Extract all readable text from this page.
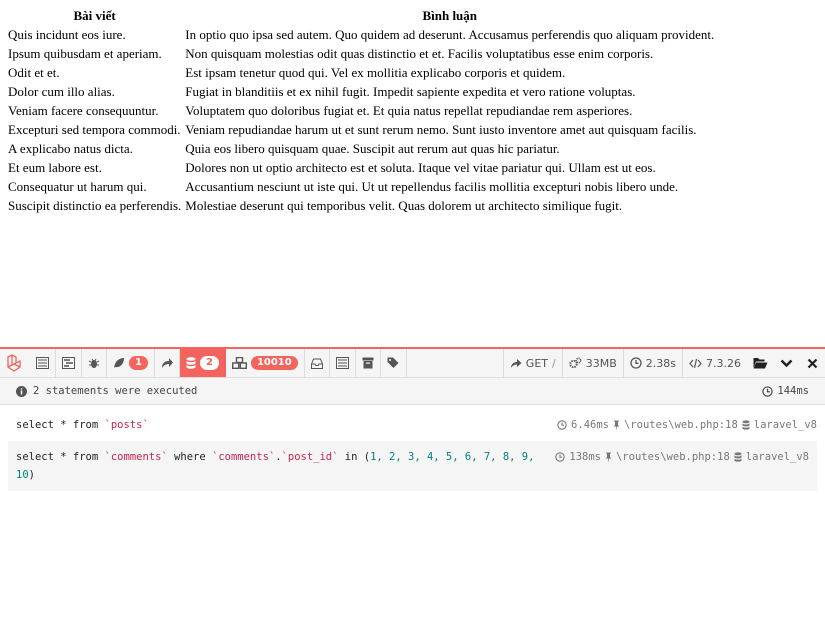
Bài viết	Bình luận
Quis incidunt eos iure.	In optio quo ipsa sed autem. Quo quidem ad deserunt. Accusamus perferendis quo aliquam provident.
Ipsum quibusdam et aperiam.	Non quisquam molestias odit quas distinctio et et. Facilis voluptatibus esse enim corporis.
Odit et et.	Est ipsam tenetur quod qui. Vel ex mollitia explicabo corporis et quidem.
Dolor cum illo alias.	Fugiat in blanditiis et ex nihil fugit. Impedit sapiente expedita et vero ratione voluptas.
Veniam facere consequuntur.	Voluptatem quo doloribus fugiat et. Et quia natus repellat repudiandae rem asperiores.
Excepturi sed tempora commodi.	Veniam repudiandae harum ut et sunt rerum nemo. Sunt iusto inventore amet aut quisquam facilis.
A explicabo natus dicta.	Quia eos libero quisquam quae. Suscipit aut rerum aut quas hic pariatur.
Et eum labore est.	Dolores non ut optio architecto est et soluta. Itaque vel vitae pariatur qui. Ullam est ut eos.
Consequatur ut harum qui.	Accusantium nesciunt ut iste qui. Ut ut repellendus facilis mollitia excepturi nobis libero unde.
Suscipit distinctio ea perferendis.	Molestiae deserunt qui temporibus velit. Quas dolorem ut architecto similique fugit.
1	2	10010	GET /	33MB	2.38s	7.3.26
2 statements were executed	144ms
select * from `posts`	6.46ms \routes\web.php:18 laravel_v8
select * from `comments` where `comments`.`post_id` in (1, 2, 3, 4, 5, 6, 7, 8, 9,
10)
138ms \routes\web.php:18 laravel_v8
